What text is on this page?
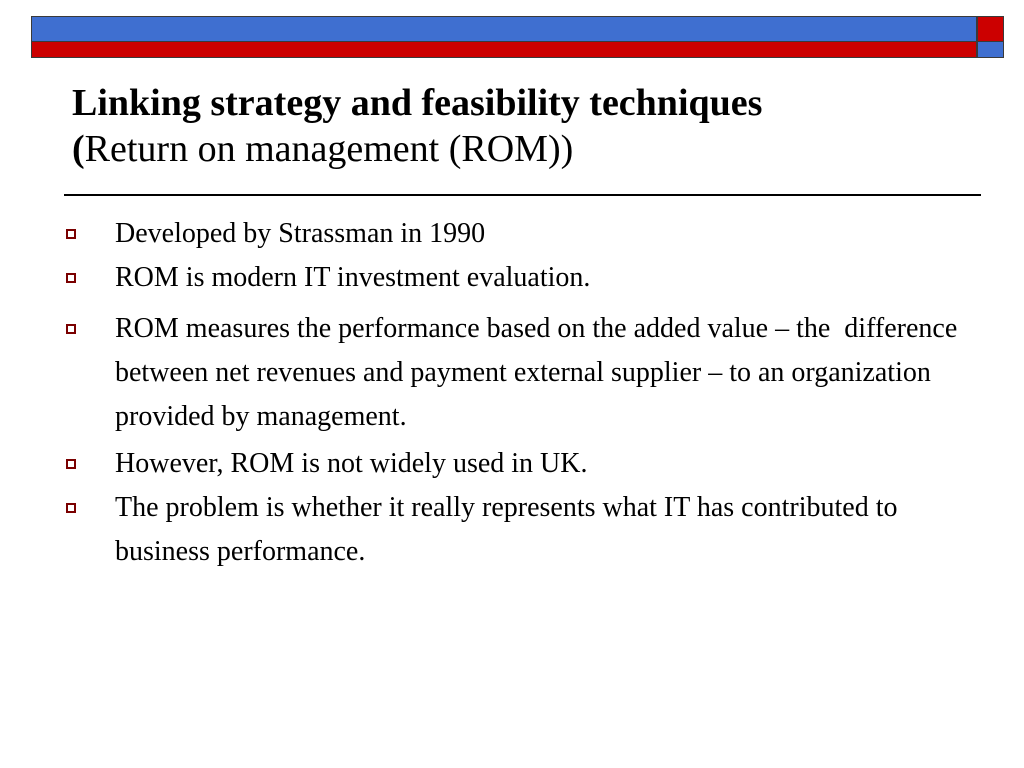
Linking strategy and feasibility techniques
(Return on management (ROM))
Developed by Strassman in 1990
ROM is modern IT investment evaluation.
ROM measures the performance based on the added value – the  difference between net revenues and payment external supplier – to an organization provided by management.
However, ROM is not widely used in UK.
The problem is whether it really represents what IT has contributed to business performance.
